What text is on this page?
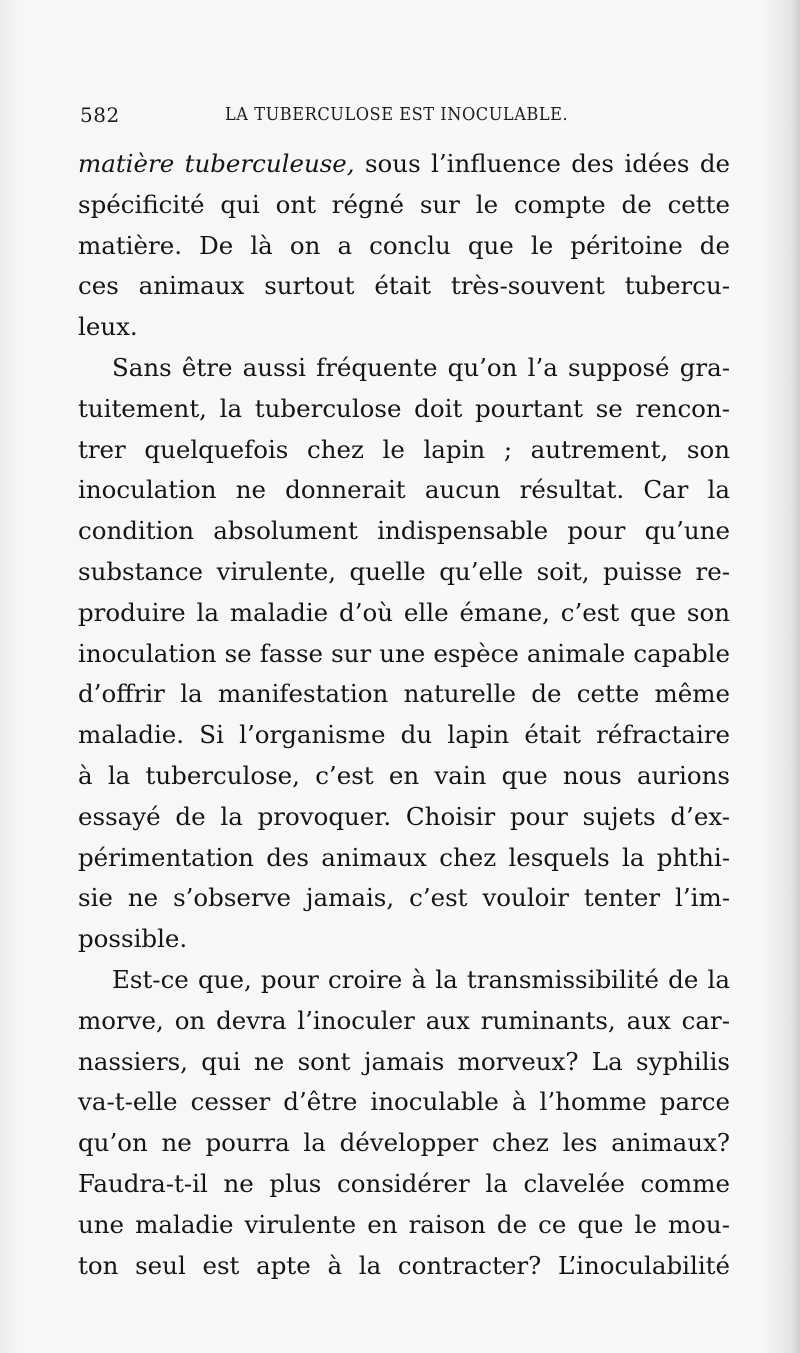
582	LA TUBERCULOSE EST INOCULABLE.
matière tuberculeuse, sous l’influence des idées de
spécificité qui ont régné sur le compte de cette
matière. De là on a conclu que le péritoine de
ces animaux surtout était très-souvent tubercu-
leux.
Sans être aussi fréquente qu’on l’a supposé gra-
tuitement, la tuberculose doit pourtant se rencon-
trer quelquefois chez le lapin ; autrement, son
inoculation ne donnerait aucun résultat. Car la
condition absolument indispensable pour qu’une
substance virulente, quelle qu’elle soit, puisse re-
produire la maladie d’où elle émane, c’est que son
inoculation se fasse sur une espèce animale capable
d’offrir la manifestation naturelle de cette même
maladie. Si l’organisme du lapin était réfractaire
à la tuberculose, c’est en vain que nous aurions
essayé de la provoquer. Choisir pour sujets d’ex-
périmentation des animaux chez lesquels la phthi-
sie ne s’observe jamais, c’est vouloir tenter l’im-
possible.
Est-ce que, pour croire à la transmissibilité de la
morve, on devra l’inoculer aux ruminants, aux car-
nassiers, qui ne sont jamais morveux? La syphilis
va-t-elle cesser d’être inoculable à l’homme parce
qu’on ne pourra la développer chez les animaux?
Faudra-t-il ne plus considérer la clavelée comme
une maladie virulente en raison de ce que le mou-
ton seul est apte à la contracter? L’inoculabilité
